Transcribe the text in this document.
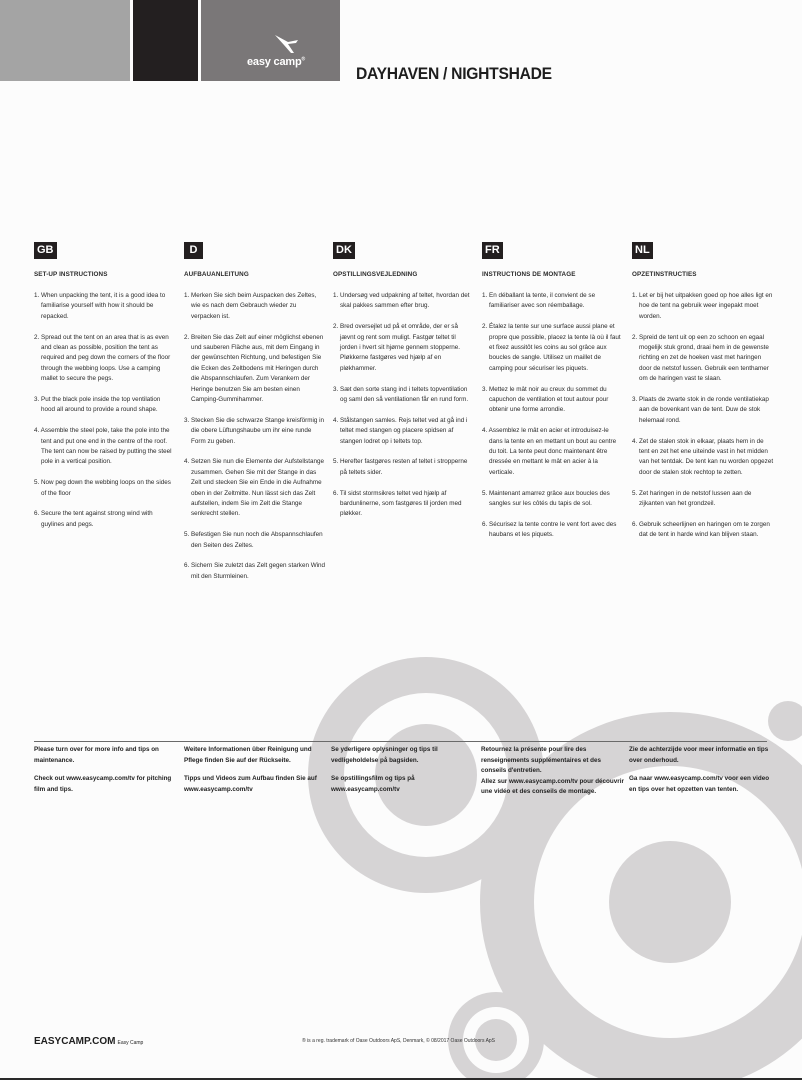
easy camp®
DAYHAVEN / NIGHTSHADE
GB
SET-UP INSTRUCTIONS
1. When unpacking the tent, it is a good idea to familiarise yourself with how it should be repacked.
2. Spread out the tent on an area that is as even and clean as possible, position the tent as required and peg down the corners of the floor through the webbing loops. Use a camping mallet to secure the pegs.
3. Put the black pole inside the top ventilation hood all around to provide a round shape.
4. Assemble the steel pole, take the pole into the tent and put one end in the centre of the roof. The tent can now be raised by putting the steel pole in a vertical position.
5. Now peg down the webbing loops on the sides of the floor
6. Secure the tent against strong wind with guylines and pegs.
D
AUFBAUANLEITUNG
1. Merken Sie sich beim Auspacken des Zeltes, wie es nach dem Gebrauch wieder zu verpacken ist.
2. Breiten Sie das Zelt auf einer möglichst ebenen und sauberen Fläche aus, mit dem Eingang in der gewünschten Richtung, und befestigen Sie die Ecken des Zeltbodens mit Heringen durch die Abspannschlaufen. Zum Verankern der Heringe benutzen Sie am besten einen Camping-Gummihammer.
3. Stecken Sie die schwarze Stange kreisförmig in die obere Lüftungshaube um ihr eine runde Form zu geben.
4. Setzen Sie nun die Elemente der Aufstellstange zusammen. Gehen Sie mit der Stange in das Zelt und stecken Sie ein Ende in die Aufnahme oben in der Zeltmitte. Nun lässt sich das Zelt aufstellen, indem Sie im Zelt die Stange senkrecht stellen.
5. Befestigen Sie nun noch die Abspannschlaufen den Seiten des Zeltes.
6. Sichern Sie zuletzt das Zelt gegen starken Wind mit den Sturmleinen.
DK
OPSTILLINGSVEJLEDNING
1. Undersøg ved udpakning af teltet, hvordan det skal pakkes sammen efter brug.
2. Bred oversejlet ud på et område, der er så jævnt og rent som muligt. Fastgør teltet til jorden i hvert sit hjørne gennem stopperne. Pløkkerne fastgøres ved hjælp af en pløkhammer.
3. Sæt den sorte stang ind i teltets topventilation og saml den så ventilationen får en rund form.
4. Stålstangen samles. Rejs teltet ved at gå ind i teltet med stangen og placere spidsen af stangen lodret op i teltets top.
5. Herefter fastgøres resten af teltet i stropperne på teltets sider.
6. Til sidst stormsikres teltet ved hjælp af bardunlinerne, som fastgøres til jorden med pløkker.
FR
INSTRUCTIONS DE MONTAGE
1. En déballant la tente, il convient de se familiariser avec son réemballage.
2. Étalez la tente sur une surface aussi plane et propre que possible, placez la tente là où il faut et fixez aussitôt les coins au sol grâce aux boucles de sangle. Utilisez un maillet de camping pour sécuriser les piquets.
3. Mettez le mât noir au creux du sommet du capuchon de ventilation et tout autour pour obtenir une forme arrondie.
4. Assemblez le mât en acier et introduisez-le dans la tente en en mettant un bout au centre du toit. La tente peut donc maintenant être dressée en mettant le mât en acier à la verticale.
5. Maintenant amarrez grâce aux boucles des sangles sur les côtés du tapis de sol.
6. Sécurisez la tente contre le vent fort avec des haubans et les piquets.
NL
OPZETINSTRUCTIES
1. Let er bij het uitpakken goed op hoe alles ligt en hoe de tent na gebruik weer ingepakt moet worden.
2. Spreid de tent uit op een zo schoon en egaal mogelijk stuk grond, draai hem in de gewenste richting en zet de hoeken vast met haringen door de netstof lussen. Gebruik een tenthamer om de haringen vast te slaan.
3. Plaats de zwarte stok in de ronde ventilatiekap aan de bovenkant van de tent. Duw de stok helemaal rond.
4. Zet de stalen stok in elkaar, plaats hem in de tent en zet het ene uiteinde vast in het midden van het tentdak. De tent kan nu worden opgezet door de stalen stok rechtop te zetten.
5. Zet haringen in de netstof lussen aan de zijkanten van het grondzeil.
6. Gebruik scheerlijnen en haringen om te zorgen dat de tent in harde wind kan blijven staan.

Please turn over for more info and tips on maintenance.

Check out www.easycamp.com/tv for pitching film and tips.

Weitere Informationen über Reinigung und Pflege finden Sie auf der Rückseite.

Tipps und Videos zum Aufbau finden Sie auf www.easycamp.com/tv

Se yderligere oplysninger og tips til vedligeholdelse på bagsiden.

Se opstillingsfilm og tips på www.easycamp.com/tv

Retournez la présente pour lire des renseignements supplémentaires et des conseils d'entretien.

Allez sur www.easycamp.com/tv pour découvrir une vidéo et des conseils de montage.

Zie de achterzijde voor meer informatie en tips over onderhoud.

Ga naar www.easycamp.com/tv voor een video en tips over het opzetten van tenten.

EASYCAMP.COM Easy Camp	® is a reg. trademark of Oase Outdoors ApS, Denmark, © 08/2017 Oase Outdoors ApS
